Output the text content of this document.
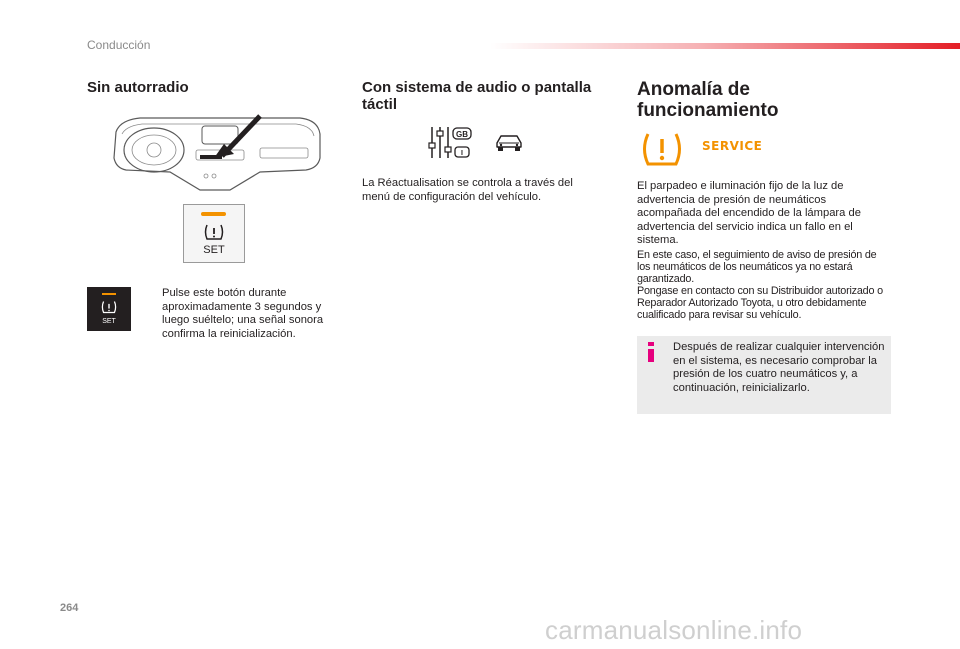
Conducción
Sin autorradio
SET
SET
Pulse este botón durante aproximadamente 3 segundos y luego suéltelo; una señal sonora confirma la reinicialización.
Con sistema de audio o pantalla
táctil
GB
I
La Réactualisation se controla a través del menú de configuración del vehículo.
Anomalía de
funcionamiento
SERVICE
El parpadeo e iluminación fijo de la luz de advertencia de presión de neumáticos acompañada del encendido de la lámpara de advertencia del servicio indica un fallo en el sistema.

En este caso, el seguimiento de aviso de presión de los neumáticos de los neumáticos ya no estará garantizado.

Pongase en contacto con su Distribuidor autorizado o Reparador Autorizado Toyota, u otro debidamente cualificado para revisar su vehículo.

Después de realizar cualquier intervención en el sistema, es necesario comprobar la presión de los cuatro neumáticos y, a continuación, reinicializarlo.
264
carmanualsonline.info
